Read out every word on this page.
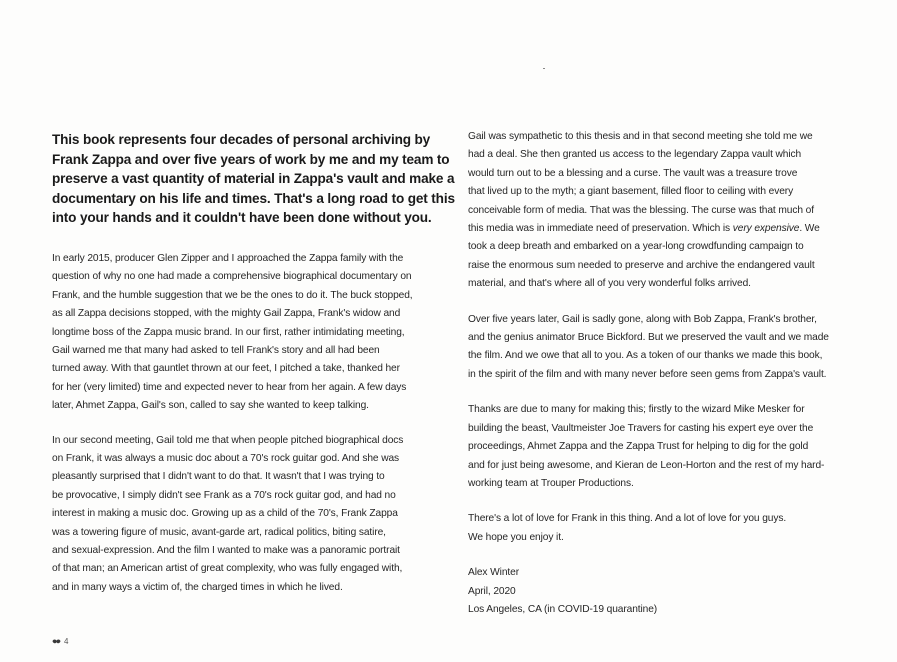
This book represents four decades of personal archiving by
Frank Zappa and over five years of work by me and my team to
preserve a vast quantity of material in Zappa's vault and make a
documentary on his life and times. That's a long road to get this
into your hands and it couldn't have been done without you.

In early 2015, producer Glen Zipper and I approached the Zappa family with the
question of why no one had made a comprehensive biographical documentary on
Frank, and the humble suggestion that we be the ones to do it. The buck stopped,
as all Zappa decisions stopped, with the mighty Gail Zappa, Frank's widow and
longtime boss of the Zappa music brand. In our first, rather intimidating meeting,
Gail warned me that many had asked to tell Frank's story and all had been
turned away. With that gauntlet thrown at our feet, I pitched a take, thanked her
for her (very limited) time and expected never to hear from her again. A few days
later, Ahmet Zappa, Gail's son, called to say she wanted to keep talking.

In our second meeting, Gail told me that when people pitched biographical docs
on Frank, it was always a music doc about a 70's rock guitar god. And she was
pleasantly surprised that I didn't want to do that. It wasn't that I was trying to
be provocative, I simply didn't see Frank as a 70's rock guitar god, and had no
interest in making a music doc. Growing up as a child of the 70's, Frank Zappa
was a towering figure of music, avant-garde art, radical politics, biting satire,
and sexual-expression. And the film I wanted to make was a panoramic portrait
of that man; an American artist of great complexity, who was fully engaged with,
and in many ways a victim of, the charged times in which he lived.

Gail was sympathetic to this thesis and in that second meeting she told me we
had a deal. She then granted us access to the legendary Zappa vault which
would turn out to be a blessing and a curse. The vault was a treasure trove
that lived up to the myth; a giant basement, filled floor to ceiling with every
conceivable form of media. That was the blessing. The curse was that much of
this media was in immediate need of preservation. Which is very expensive. We
took a deep breath and embarked on a year-long crowdfunding campaign to
raise the enormous sum needed to preserve and archive the endangered vault
material, and that's where all of you very wonderful folks arrived.

Over five years later, Gail is sadly gone, along with Bob Zappa, Frank's brother,
and the genius animator Bruce Bickford. But we preserved the vault and we made
the film. And we owe that all to you. As a token of our thanks we made this book,
in the spirit of the film and with many never before seen gems from Zappa's vault.

Thanks are due to many for making this; firstly to the wizard Mike Mesker for
building the beast, Vaultmeister Joe Travers for casting his expert eye over the
proceedings, Ahmet Zappa and the Zappa Trust for helping to dig for the gold
and for just being awesome, and Kieran de Leon-Horton and the rest of my hard-
working team at Trouper Productions.

There's a lot of love for Frank in this thing. And a lot of love for you guys.
We hope you enjoy it.

Alex Winter
April, 2020
Los Angeles, CA (in COVID-19 quarantine)

4
